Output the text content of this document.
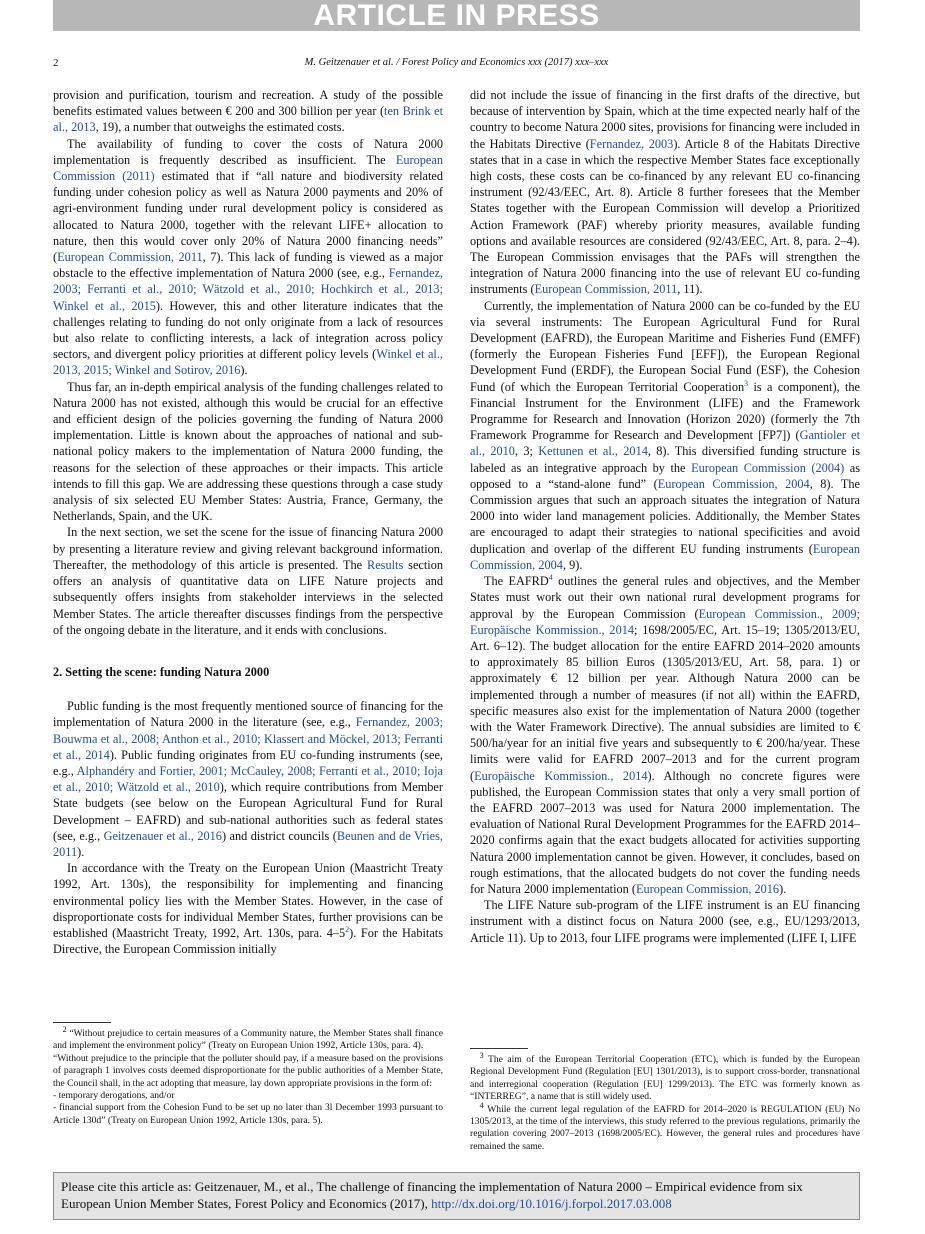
ARTICLE IN PRESS
2	M. Geitzenauer et al. / Forest Policy and Economics xxx (2017) xxx–xxx

provision and purification, tourism and recreation. A study of the possible benefits estimated values between € 200 and 300 billion per year (ten Brink et al., 2013, 19), a number that outweighs the estimated costs.

The availability of funding to cover the costs of Natura 2000 implementation is frequently described as insufficient. The European Commission (2011) estimated that if “all nature and biodiversity related funding under cohesion policy as well as Natura 2000 payments and 20% of agri-environment funding under rural development policy is considered as allocated to Natura 2000, together with the relevant LIFE+ allocation to nature, then this would cover only 20% of Natura 2000 financing needs” (European Commission, 2011, 7). This lack of funding is viewed as a major obstacle to the effective implementation of Natura 2000 (see, e.g., Fernandez, 2003; Ferranti et al., 2010; Wätzold et al., 2010; Hochkirch et al., 2013; Winkel et al., 2015). However, this and other literature indicates that the challenges relating to funding do not only originate from a lack of resources but also relate to conflicting interests, a lack of integration across policy sectors, and divergent policy priorities at different policy levels (Winkel et al., 2013, 2015; Winkel and Sotirov, 2016).

Thus far, an in-depth empirical analysis of the funding challenges related to Natura 2000 has not existed, although this would be crucial for an effective and efficient design of the policies governing the funding of Natura 2000 implementation. Little is known about the approaches of national and sub-national policy makers to the implementation of Natura 2000 funding, the reasons for the selection of these approaches or their impacts. This article intends to fill this gap. We are addressing these questions through a case study analysis of six selected EU Member States: Austria, France, Germany, the Netherlands, Spain, and the UK.

In the next section, we set the scene for the issue of financing Natura 2000 by presenting a literature review and giving relevant background information. Thereafter, the methodology of this article is presented. The Results section offers an analysis of quantitative data on LIFE Nature projects and subsequently offers insights from stakeholder interviews in the selected Member States. The article thereafter discusses findings from the perspective of the ongoing debate in the literature, and it ends with conclusions.

2. Setting the scene: funding Natura 2000

Public funding is the most frequently mentioned source of financing for the implementation of Natura 2000 in the literature (see, e.g., Fernandez, 2003; Bouwma et al., 2008; Anthon et al., 2010; Klassert and Möckel, 2013; Ferranti et al., 2014). Public funding originates from EU co-funding instruments (see, e.g., Alphandéry and Fortier, 2001; McCauley, 2008; Ferranti et al., 2010; Ioja et al., 2010; Wätzold et al., 2010), which require contributions from Member State budgets (see below on the European Agricultural Fund for Rural Development – EAFRD) and sub-national authorities such as federal states (see, e.g., Geitzenauer et al., 2016) and district councils (Beunen and de Vries, 2011).

In accordance with the Treaty on the European Union (Maastricht Treaty 1992, Art. 130s), the responsibility for implementing and financing environmental policy lies with the Member States. However, in the case of disproportionate costs for individual Member States, further provisions can be established (Maastricht Treaty, 1992, Art. 130s, para. $4-5^2$). For the Habitats Directive, the European Commission initially

did not include the issue of financing in the first drafts of the directive, but because of intervention by Spain, which at the time expected nearly half of the country to become Natura 2000 sites, provisions for financing were included in the Habitats Directive (Fernandez, 2003). Article 8 of the Habitats Directive states that in a case in which the respective Member States face exceptionally high costs, these costs can be co-financed by any relevant EU co-financing instrument (92/43/EEC, Art. 8). Article 8 further foresees that the Member States together with the European Commission will develop a Prioritized Action Framework (PAF) whereby priority measures, available funding options and available resources are considered (92/43/EEC, Art. 8, para. 2–4). The European Commission envisages that the PAFs will strengthen the integration of Natura 2000 financing into the use of relevant EU co-funding instruments (European Commission, 2011, 11).

Currently, the implementation of Natura 2000 can be co-funded by the EU via several instruments: The European Agricultural Fund for Rural Development (EAFRD), the European Maritime and Fisheries Fund (EMFF) (formerly the European Fisheries Fund [EFF]), the European Regional Development Fund (ERDF), the European Social Fund (ESF), the Cohesion Fund (of which the European Territorial Cooperation$^3$ is a component), the Financial Instrument for the Environment (LIFE) and the Framework Programme for Research and Innovation (Horizon 2020) (formerly the 7th Framework Programme for Research and Development [FP7]) (Gantioler et al., 2010, 3; Kettunen et al., 2014, 8). This diversified funding structure is labeled as an integrative approach by the European Commission (2004) as opposed to a “stand-alone fund” (European Commission, 2004, 8). The Commission argues that such an approach situates the integration of Natura 2000 into wider land management policies. Additionally, the Member States are encouraged to adapt their strategies to national specificities and avoid duplication and overlap of the different EU funding instruments (European Commission, 2004, 9).

The EAFRD$^4$ outlines the general rules and objectives, and the Member States must work out their own national rural development programs for approval by the European Commission (European Commission., 2009; Europäische Kommission., 2014; 1698/2005/EC, Art. 15–19; 1305/2013/EU, Art. 6–12). The budget allocation for the entire EAFRD 2014–2020 amounts to approximately 85 billion Euros (1305/2013/EU, Art. 58, para. 1) or approximately € 12 billion per year. Although Natura 2000 can be implemented through a number of measures (if not all) within the EAFRD, specific measures also exist for the implementation of Natura 2000 (together with the Water Framework Directive). The annual subsidies are limited to € 500/ha/year for an initial five years and subsequently to € 200/ha/year. These limits were valid for EAFRD 2007–2013 and for the current program (Europäische Kommission., 2014). Although no concrete figures were published, the European Commission states that only a very small portion of the EAFRD 2007–2013 was used for Natura 2000 implementation. The evaluation of National Rural Development Programmes for the EAFRD 2014–2020 confirms again that the exact budgets allocated for activities supporting Natura 2000 implementation cannot be given. However, it concludes, based on rough estimations, that the allocated budgets do not cover the funding needs for Natura 2000 implementation (European Commission, 2016).

The LIFE Nature sub-program of the LIFE instrument is an EU financing instrument with a distinct focus on Natura 2000 (see, e.g., EU/1293/2013, Article 11). Up to 2013, four LIFE programs were implemented (LIFE I, LIFE

 $^2$ “Without prejudice to certain measures of a Community nature, the Member States shall finance and implement the environment policy” (Treaty on European Union 1992, Article 130s, para. 4).

“Without prejudice to the principle that the polluter should pay, if a measure based on the provisions of paragraph 1 involves costs deemed disproportionate for the public authorities of a Member State, the Council shall, in the act adopting that measure, lay down appropriate provisions in the form of:

- temporary derogations, and/or

- financial support from the Cohesion Fund to be set up no later than 3l December 1993 pursuant to Article 130d” (Treaty on European Union 1992, Article 130s, para. 5).

 $^3$ The aim of the European Territorial Cooperation (ETC), which is funded by the European Regional Development Fund (Regulation [EU] 1301/2013), is to support cross-border, transnational and interregional cooperation (Regulation [EU] 1299/2013). The ETC was formerly known as “INTERREG”, a name that is still widely used.

 $^4$ While the current legal regulation of the EAFRD for 2014–2020 is REGULATION (EU) No 1305/2013, at the time of the interviews, this study referred to the previous regulations, primarily the regulation covering 2007–2013 (1698/2005/EC). However, the general rules and procedures have remained the same.

Please cite this article as: Geitzenauer, M., et al., The challenge of financing the implementation of Natura 2000 – Empirical evidence from six European Union Member States, Forest Policy and Economics (2017), http://dx.doi.org/10.1016/j.forpol.2017.03.008
